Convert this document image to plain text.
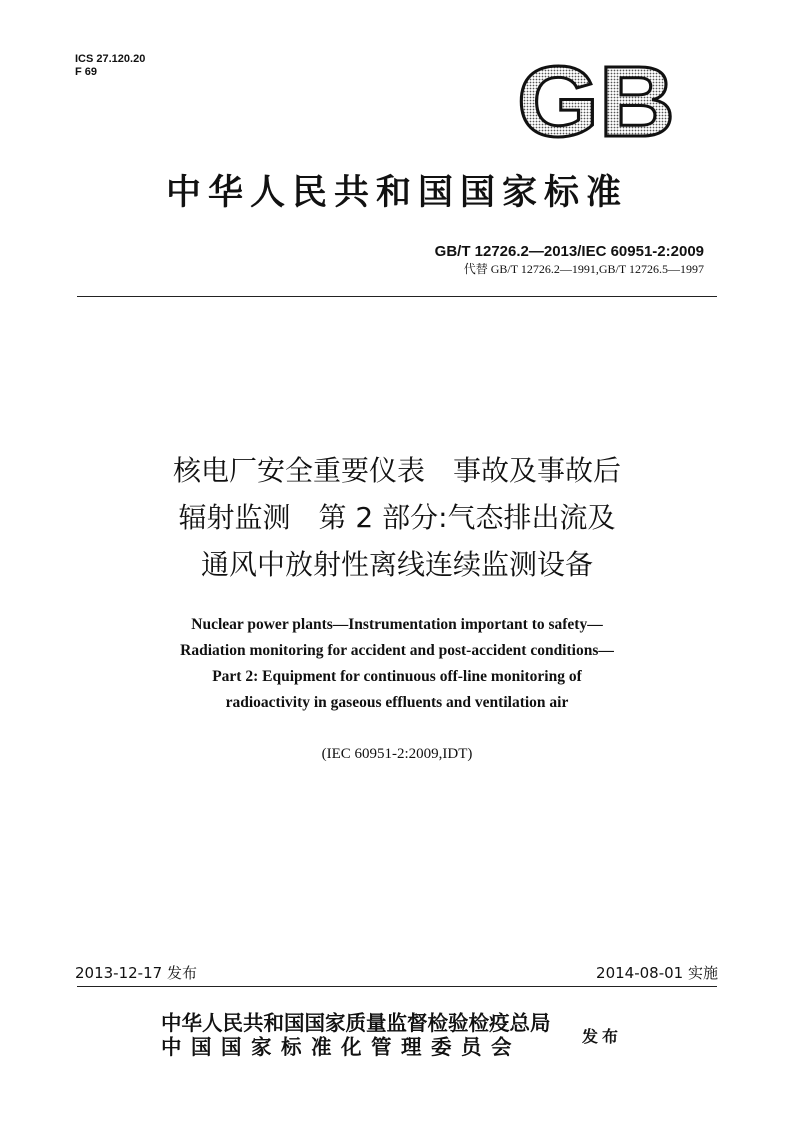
ICS 27.120.20
F 69	GB
中华人民共和国国家标准
GB/T 12726.2—2013/IEC 60951-2:2009
代替 GB/T 12726.2—1991,GB/T 12726.5—1997
核电厂安全重要仪表　事故及事故后
辐射监测　第 2 部分:气态排出流及
通风中放射性离线连续监测设备
Nuclear power plants—Instrumentation important to safety—
Radiation monitoring for accident and post-accident conditions—
Part 2: Equipment for continuous off-line monitoring of
radioactivity in gaseous effluents and ventilation air
(IEC 60951-2:2009,IDT)
2013-12-17 发布	2014-08-01 实施
中华人民共和国国家质量监督检验检疫总局
中国国家标准化管理委员会	发布
